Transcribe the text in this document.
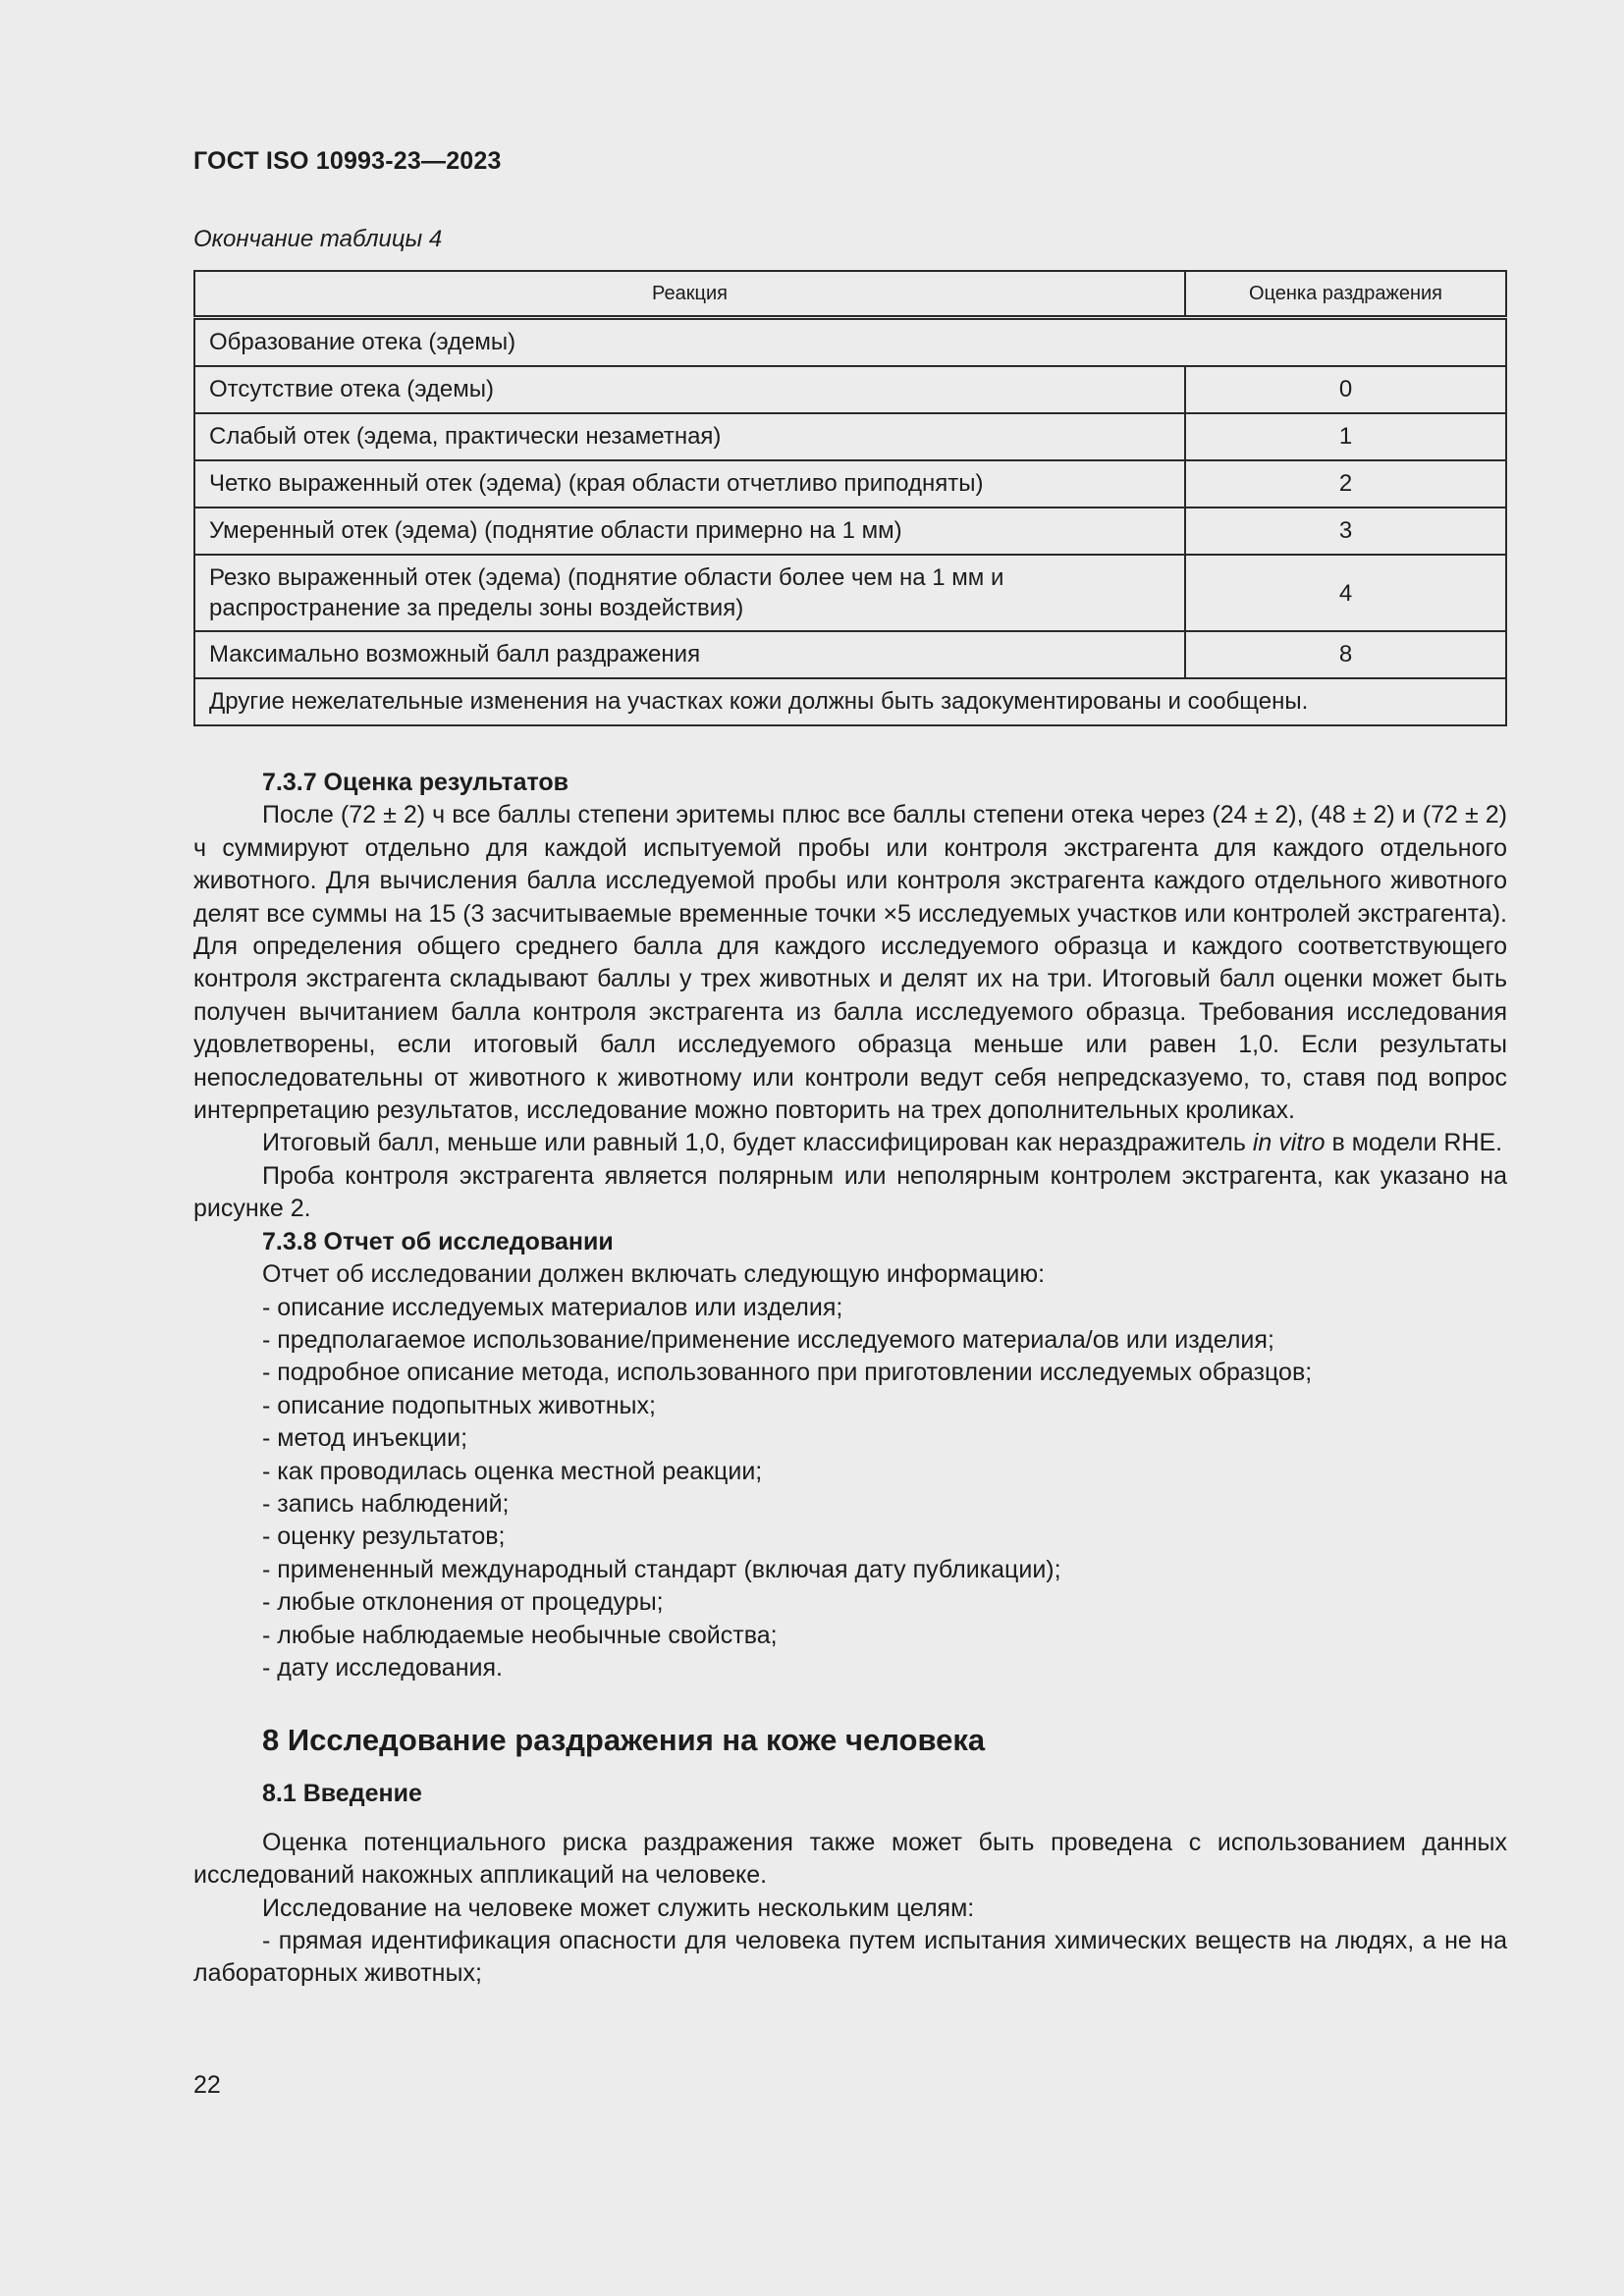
ГОСТ ISO 10993-23—2023
Окончание таблицы 4
Реакция	Оценка раздражения
Образование отека (эдемы)	
Отсутствие отека (эдемы)	0
Слабый отек (эдема, практически незаметная)	1
Четко выраженный отек (эдема) (края области отчетливо приподняты)	2
Умеренный отек (эдема) (поднятие области примерно на 1 мм)	3
Резко выраженный отек (эдема) (поднятие области более чем на 1 мм и
распространение за пределы зоны воздействия)	4
Максимально возможный балл раздражения	8
Другие нежелательные изменения на участках кожи должны быть задокументированы и сообщены.	
7.3.7 Оценка результатов

После (72 ± 2) ч все баллы степени эритемы плюс все баллы степени отека через (24 ± 2), (48 ± 2) и (72 ± 2) ч суммируют отдельно для каждой испытуемой пробы или контроля экстрагента для каждого отдельного животного. Для вычисления балла исследуемой пробы или контроля экстрагента каждого отдельного животного делят все суммы на 15 (3 засчитываемые временные точки ×5 исследуемых участков или контролей экстрагента). Для определения общего среднего балла для каждого исследуемого образца и каждого соответствующего контроля экстрагента складывают баллы у трех животных и делят их на три. Итоговый балл оценки может быть получен вычитанием балла контроля экстрагента из балла исследуемого образца. Требования исследования удовлетворены, если итоговый балл исследуемого образца меньше или равен 1,0. Если результаты непоследовательны от животного к животному или контроли ведут себя непредсказуемо, то, ставя под вопрос интерпретацию результатов, исследование можно повторить на трех дополнительных кроликах.

Итоговый балл, меньше или равный 1,0, будет классифицирован как нераздражитель in vitro в модели RHE.

Проба контроля экстрагента является полярным или неполярным контролем экстрагента, как указано на рисунке 2.

7.3.8 Отчет об исследовании
Отчет об исследовании должен включать следующую информацию:
- описание исследуемых материалов или изделия;
- предполагаемое использование/применение исследуемого материала/ов или изделия;
- подробное описание метода, использованного при приготовлении исследуемых образцов;
- описание подопытных животных;
- метод инъекции;
- как проводилась оценка местной реакции;
- запись наблюдений;
- оценку результатов;
- примененный международный стандарт (включая дату публикации);
- любые отклонения от процедуры;
- любые наблюдаемые необычные свойства;
- дату исследования.
8 Исследование раздражения на коже человека
8.1 Введение

Оценка потенциального риска раздражения также может быть проведена с использованием данных исследований накожных аппликаций на человеке.

Исследование на человеке может служить нескольким целям:

- прямая идентификация опасности для человека путем испытания химических веществ на людях, а не на лабораторных животных;

22
